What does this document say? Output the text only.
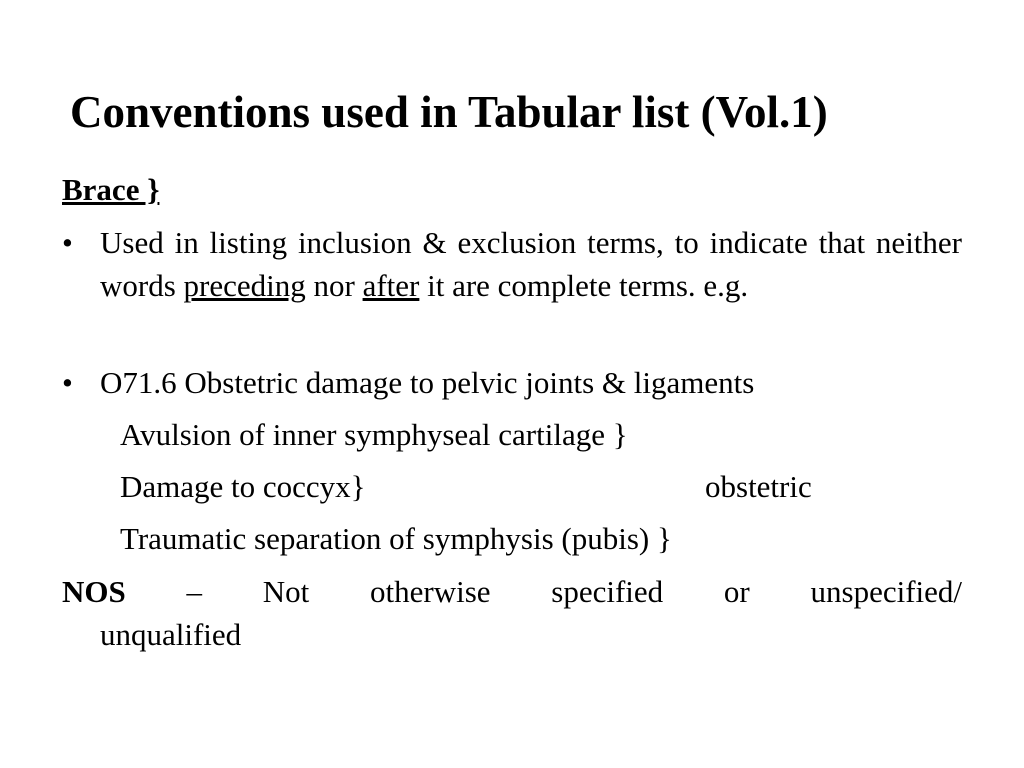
Conventions used in Tabular list (Vol.1)
Brace }
• Used in listing inclusion & exclusion terms, to indicate that neither words preceding nor after it are complete terms. e.g.
• O71.6 Obstetric damage to pelvic joints & ligaments
Avulsion of inner symphyseal cartilage }
Damage to coccyx}	obstetric
Traumatic separation of symphysis (pubis) }
NOS – Not otherwise specified or unspecified/
unqualified
